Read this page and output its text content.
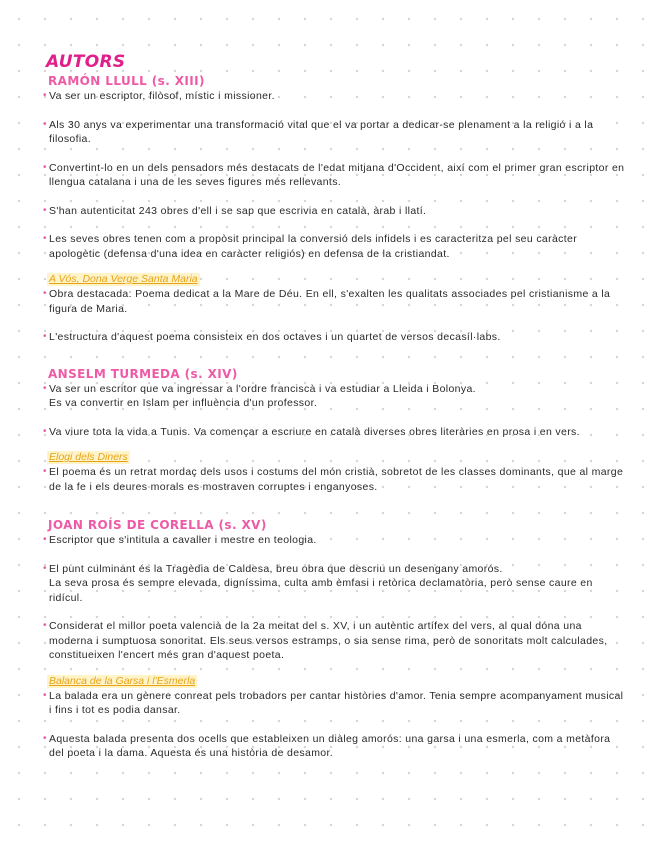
AUTORS
RAMÓN LLULL (s. XIII)
• Va ser un escriptor, filòsof, místic i missioner.
• Als 30 anys va experimentar una transformació vital que el va portar a dedicar-se plenament a la religió i a la filosofia.
• Convertint-lo en un dels pensadors més destacats de l'edat mitjana d'Occident, així com el primer gran escriptor en llengua catalana i una de les seves figures més rellevants.
• S'han autenticitat 243 obres d'ell i se sap que escrivia en català, àrab i llatí.
• Les seves obres tenen com a propòsit principal la conversió dels infidels i es caracteritza pel seu caràcter apologètic (defensa d'una idea en caràcter religiós) en defensa de la cristiandat.
A Vós, Dona Verge Santa Maria
• Obra destacada: Poema dedicat a la Mare de Déu. En ell, s'exalten les qualitats associades pel cristianisme a la figura de Maria.
• L'estructura d'aquest poema consisteix en dos octaves i un quartet de versos decasíl·labs.
ANSELM TURMEDA (s. XIV)
• Va ser un escritor que va ingressar a l'ordre franciscà i va estudiar a Lleida i Bolonya.
Es va convertir en Islam per influència d'un professor.
• Va viure tota la vida a Tunis. Va començar a escriure en català diverses obres literàries en prosa i en vers.
Elogi dels Diners
• El poema és un retrat mordaç dels usos i costums del món cristià, sobretot de les classes dominants, que al marge de la fe i els deures morals es mostraven corruptes i enganyoses.
JOAN ROÍS DE CORELLA (s. XV)
• Escriptor que s'intitula a cavaller i mestre en teologia.
• El punt culminant és la Tragèdia de Caldesa, breu obra que descriu un desengany amorós.
La seva prosa és sempre elevada, digníssima, culta amb èmfasi i retòrica declamatòria, però sense caure en ridícul.
• Considerat el millor poeta valencià de la 2a meitat del s. XV, i un autèntic artífex del vers, al qual dóna una moderna i sumptuosa sonoritat. Els seus versos estramps, o sia sense rima, però de sonoritats molt calculades, constitueixen l'encert més gran d'aquest poeta.
Balanca de la Garsa i l'Esmerla
• La balada era un gènere conreat pels trobadors per cantar històries d'amor. Tenia sempre acompanyament musical i fins i tot es podia dansar.
• Aquesta balada presenta dos ocells que estableixen un diàleg amorós: una garsa i una esmerla, com a metàfora del poeta i la dama. Aquesta és una història de desamor.
